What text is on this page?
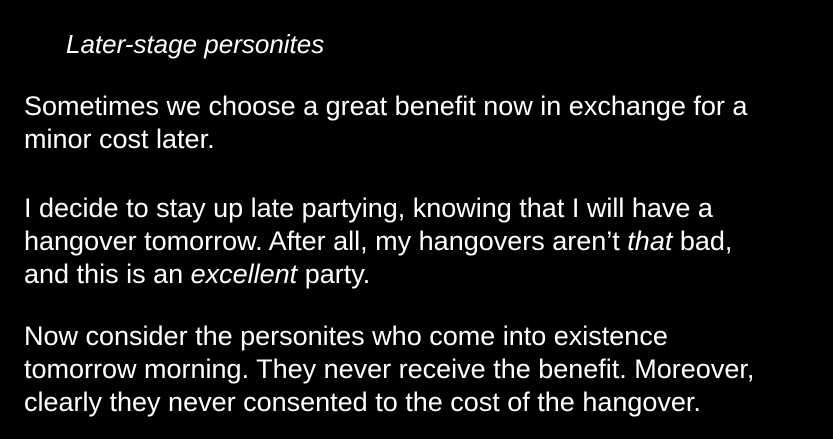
Later-stage personites
Sometimes we choose a great benefit now in exchange for a
minor cost later.
I decide to stay up late partying, knowing that I will have a
hangover tomorrow. After all, my hangovers aren’t that bad,
and this is an excellent party.
Now consider the personites who come into existence
tomorrow morning. They never receive the benefit. Moreover,
clearly they never consented to the cost of the hangover.
